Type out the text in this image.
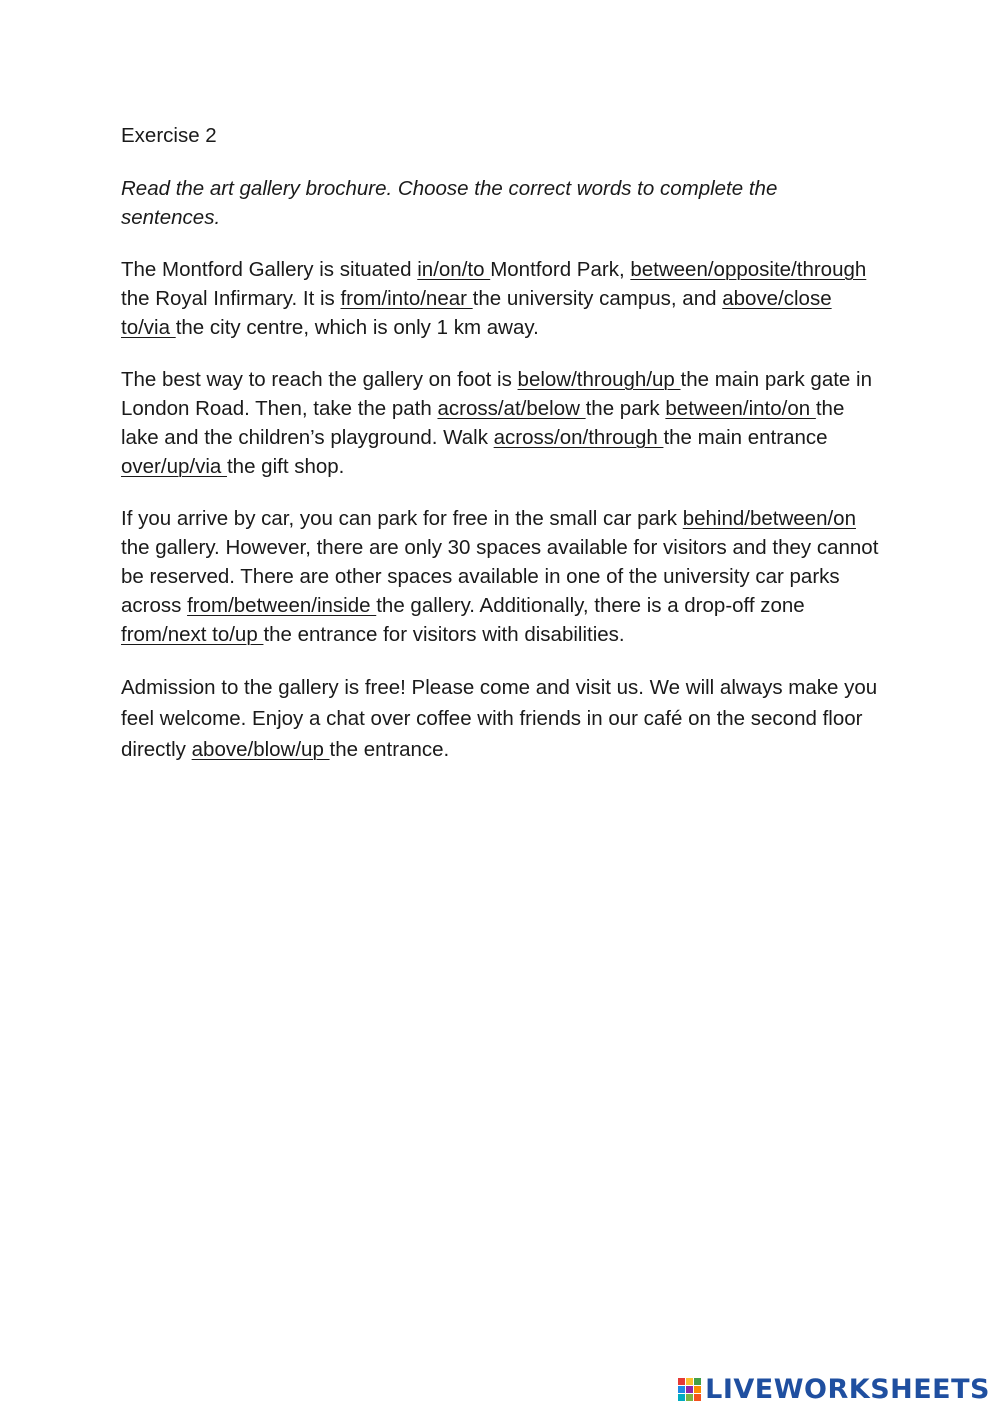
Exercise 2

Read the art gallery brochure. Choose the correct words to complete the sentences.

The Montford Gallery is situated in/on/to Montford Park, between/opposite/through the Royal Infirmary. It is from/into/near the university campus, and above/close to/via the city centre, which is only 1 km away.

The best way to reach the gallery on foot is below/through/up the main park gate in London Road. Then, take the path across/at/below the park between/into/on the lake and the children’s playground. Walk across/on/through the main entrance over/up/via the gift shop.

If you arrive by car, you can park for free in the small car park behind/between/on the gallery. However, there are only 30 spaces available for visitors and they cannot be reserved. There are other spaces available in one of the university car parks across from/between/inside the gallery. Additionally, there is a drop-off zone from/next to/up the entrance for visitors with disabilities.

Admission to the gallery is free! Please come and visit us. We will always make you feel welcome. Enjoy a chat over coffee with friends in our café on the second floor directly above/blow/up the entrance.

LIVEWORKSHEETS
